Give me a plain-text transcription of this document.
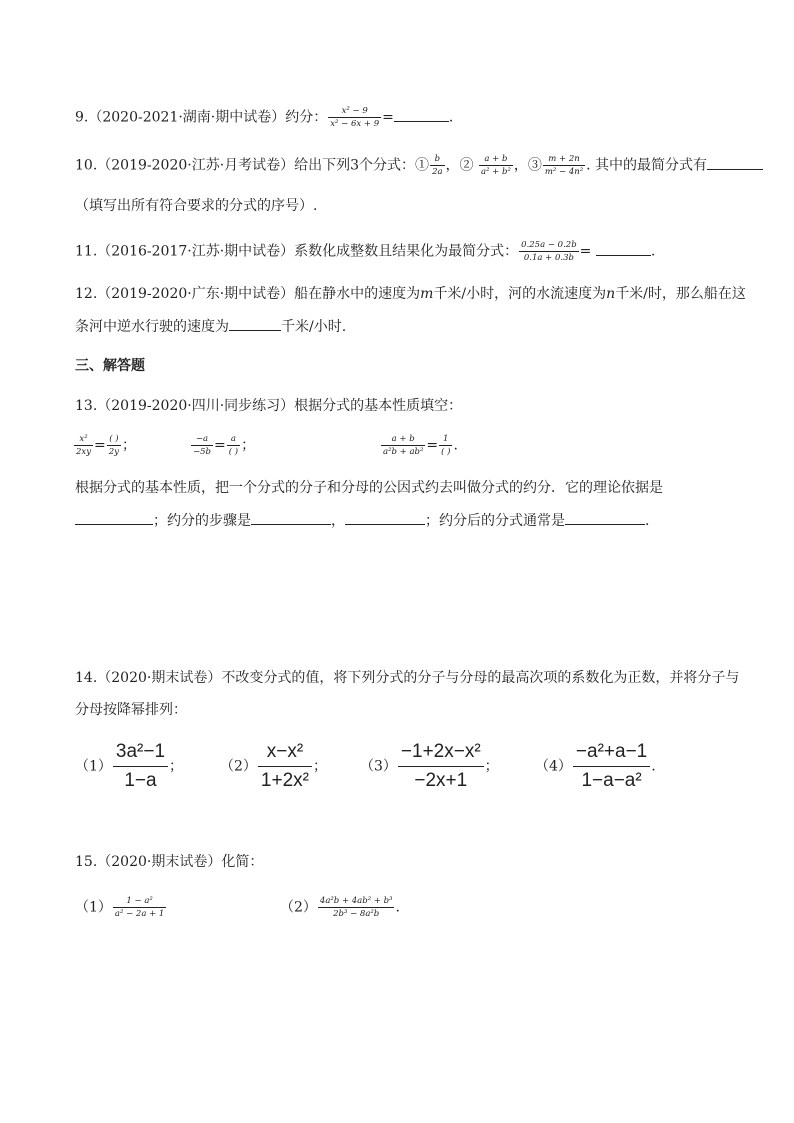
9.（2020-2021·湖南·期中试卷）约分： $\frac{\text{x² − 9}}{\text{x² − 6x + 9}}$ =	.
10.（2019-2020·江苏·月考试卷）给出下列3个分式：① $\frac{b}{2a}$ ，② $\frac{a + b}{\text{a² + b²}}$ ，③ $\frac{m + 2n}{\text{m² − 4n²}}$ . 其中的最简分式有
（填写出所有符合要求的分式的序号）.
11.（2016-2017·江苏·期中试卷）系数化成整数且结果化为最简分式： $\frac{0.25a - 0.2b}{0.1a + 0.3b}$ =	.
12.（2019-2020·广东·期中试卷）船在静水中的速度为m千米/小时，河的水流速度为n千米/时，那么船在这
条河中逆水行驶的速度为	千米/小时.
三、解答题
13.（2019-2020·四川·同步练习）根据分式的基本性质填空：
$\frac{\text{x²}}{2xy} = \frac{( )}{2y}$ ；	$\frac{-a}{-5b} = \frac{a}{( )}$ ；	$\frac{a + b}{\text{a²b + ab²}} = \frac{1}{( )}$ .
根据分式的基本性质，把一个分式的分子和分母的公因式约去叫做分式的约分．它的理论依据是
；约分的步骤是	，	；约分后的分式通常是	.
14.（2020·期末试卷）不改变分式的值，将下列分式的分子与分母的最高次项的系数化为正数，并将分子与
分母按降幂排列：
$(1) \frac{\text{3a²−1}}{1-a}$ ；	$(2) \frac{\text{x−x²}}{\text{1+2x²}}$ ； $(3) \frac{\text{−1+2x−x²}}{-2x+1}$ ；	$(4) \frac{\text{−a²+a−1}}{\text{1−a−a²}}$ .
15.（2020·期末试卷）化简：
$(1) \frac{\text{1 − a²}}{\text{a² − 2a + 1}}$	$(2) \frac{\text{4a²b + 4ab² + b³}}{\text{2b³ − 8a²b}}$ .
